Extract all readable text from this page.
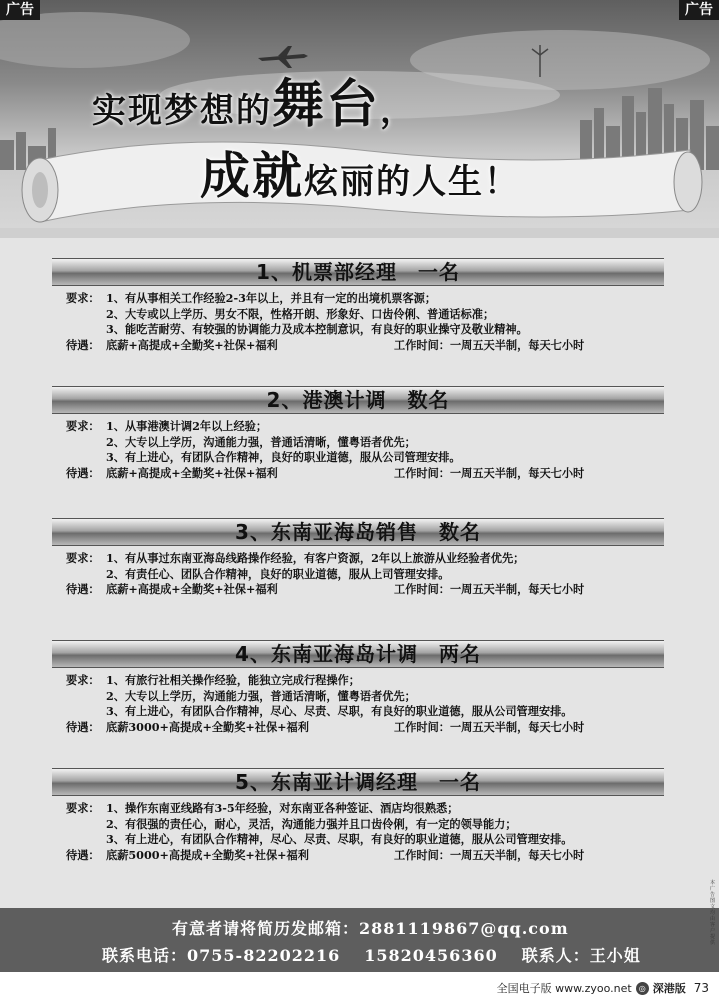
广告	广告
实现梦想的舞台，
成就炫丽的人生！
1、机票部经理　一名
要求： 1、有从事相关工作经验2-3年以上，并且有一定的出境机票客源；
2、大专或以上学历、男女不限，性格开朗、形象好、口齿伶俐、普通话标准；
3、能吃苦耐劳、有较强的协调能力及成本控制意识，有良好的职业操守及敬业精神。
待遇： 底薪+高提成+全勤奖+社保+福利	工作时间：一周五天半制，每天七小时
2、港澳计调　数名
要求： 1、从事港澳计调2年以上经验；
2、大专以上学历，沟通能力强，普通话清晰，懂粤语者优先；
3、有上进心，有团队合作精神，良好的职业道德，服从公司管理安排。
待遇： 底薪+高提成+全勤奖+社保+福利	工作时间：一周五天半制，每天七小时
3、东南亚海岛销售　数名
要求： 1、有从事过东南亚海岛线路操作经验，有客户资源，2年以上旅游从业经验者优先；
2、有责任心、团队合作精神，良好的职业道德，服从上司管理安排。
待遇： 底薪+高提成+全勤奖+社保+福利	工作时间：一周五天半制，每天七小时
4、东南亚海岛计调　两名
要求： 1、有旅行社相关操作经验，能独立完成行程操作；
2、大专以上学历，沟通能力强，普通话清晰，懂粤语者优先；
3、有上进心，有团队合作精神，尽心、尽责、尽职，有良好的职业道德，服从公司管理安排。
待遇： 底薪3000+高提成+全勤奖+社保+福利	工作时间：一周五天半制，每天七小时
5、东南亚计调经理　一名
要求： 1、操作东南亚线路有3-5年经验，对东南亚各种签证、酒店均很熟悉；
2、有很强的责任心，耐心，灵活，沟通能力强并且口齿伶俐，有一定的领导能力；
3、有上进心，有团队合作精神，尽心、尽责、尽职，有良好的职业道德，服从公司管理安排。
待遇： 底薪5000+高提成+全勤奖+社保+福利	工作时间：一周五天半制，每天七小时
有意者请将简历发邮箱：2881119867@qq.com
联系电话：0755-82202216 15820456360 联系人：王小姐
全国电子版 www.zyoo.net ◎ 深港版 73
本广告图文均由客户提供
